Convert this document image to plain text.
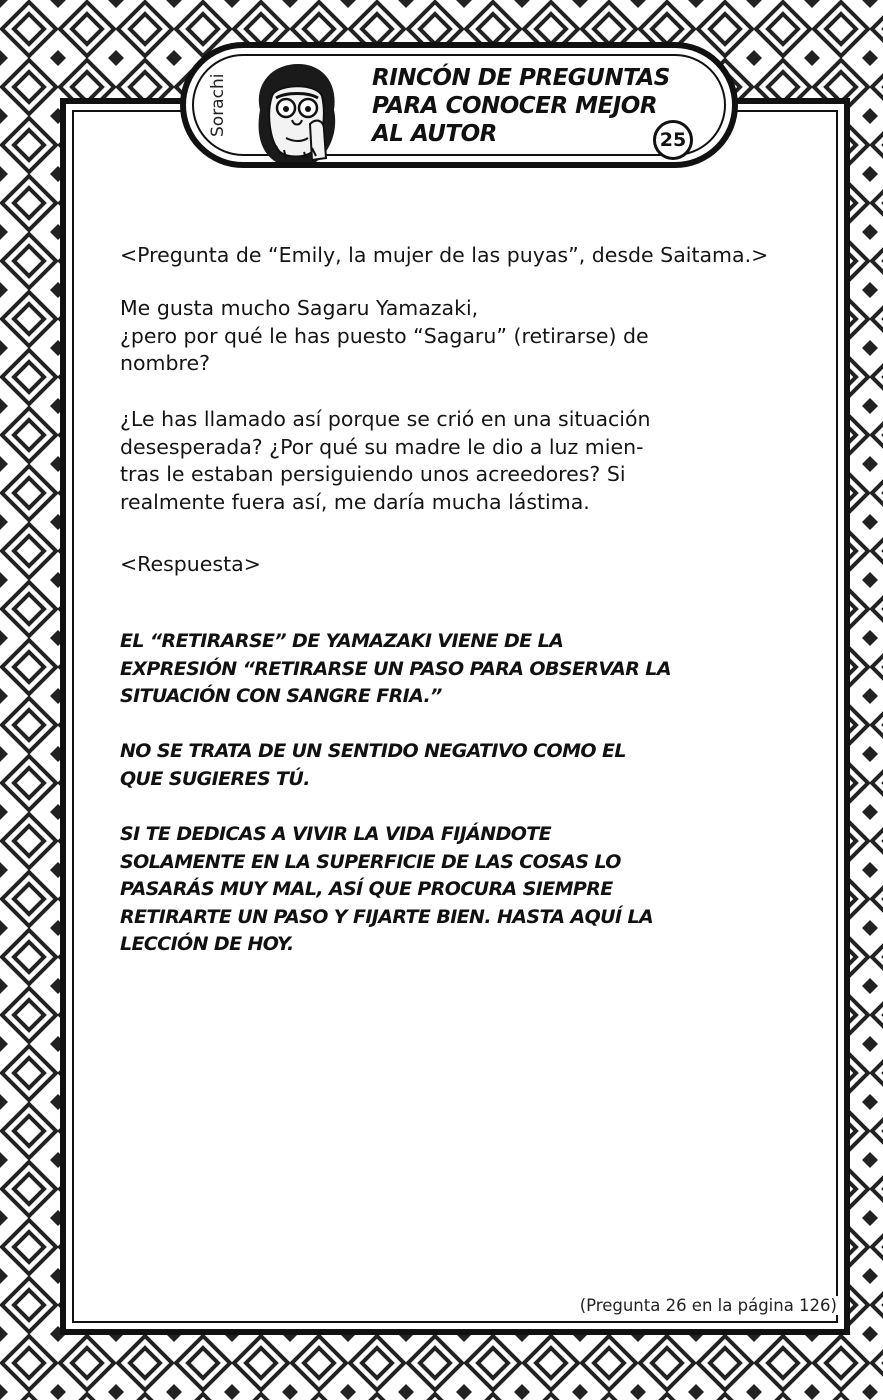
Sorachi	RINCÓN DE PREGUNTAS
PARA CONOCER MEJOR
AL AUTOR	25
<Pregunta de “Emily, la mujer de las puyas”, desde Saitama.>
Me gusta mucho Sagaru Yamazaki,
¿pero por qué le has puesto “Sagaru” (retirarse) de
nombre?
¿Le has llamado así porque se crió en una situación
desesperada? ¿Por qué su madre le dio a luz mien-
tras le estaban persiguiendo unos acreedores? Si
realmente fuera así, me daría mucha lástima.
<Respuesta>
EL “RETIRARSE” DE YAMAZAKI VIENE DE LA
EXPRESIÓN “RETIRARSE UN PASO PARA OBSERVAR LA
SITUACIÓN CON SANGRE FRIA.”
NO SE TRATA DE UN SENTIDO NEGATIVO COMO EL
QUE SUGIERES TÚ.
SI TE DEDICAS A VIVIR LA VIDA FIJÁNDOTE
SOLAMENTE EN LA SUPERFICIE DE LAS COSAS LO
PASARÁS MUY MAL, ASÍ QUE PROCURA SIEMPRE
RETIRARTE UN PASO Y FIJARTE BIEN. HASTA AQUÍ LA
LECCIÓN DE HOY.
(Pregunta 26 en la página 126)
